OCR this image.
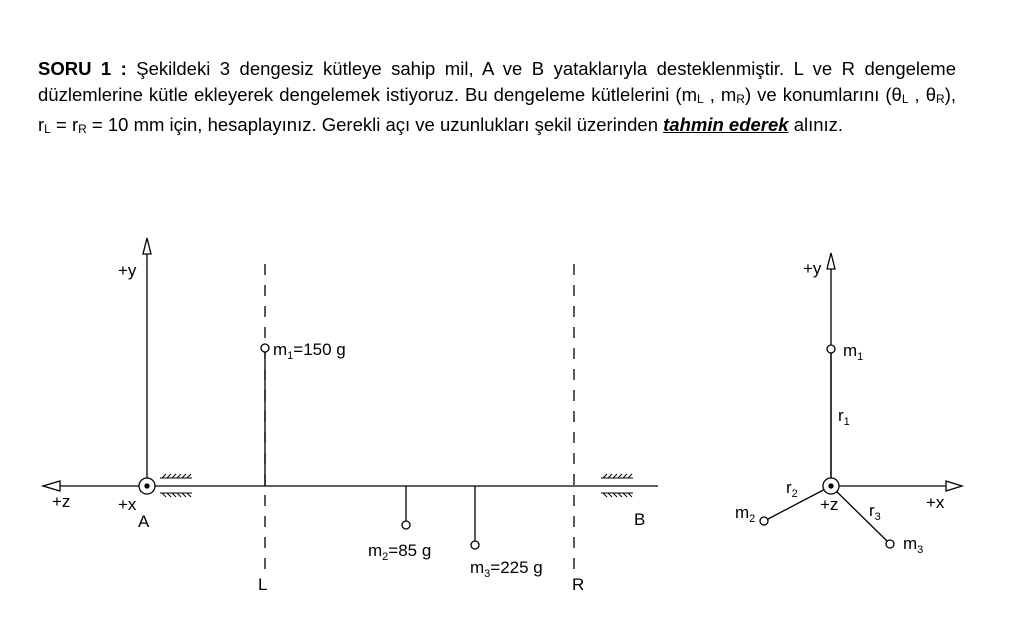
SORU 1 : Şekildeki 3 dengesiz kütleye sahip mil, A ve B yataklarıyla desteklenmiştir. L ve R dengeleme düzlemlerine kütle ekleyerek dengelemek istiyoruz. Bu dengeleme kütlelerini (mL , mR) ve konumlarını (θL , θR), rL = rR = 10 mm için, hesaplayınız. Gerekli açı ve uzunlukları şekil üzerinden tahmin ederek alınız.
+y
+z	+x
A	B
L	R
$m_1=150$ g
$m_2=85$ g
$m_3=225$ g
+y
+x
+z
$m_1$
$m_2$
$m_3$
$r_1$
$r_2$
$r_3$
